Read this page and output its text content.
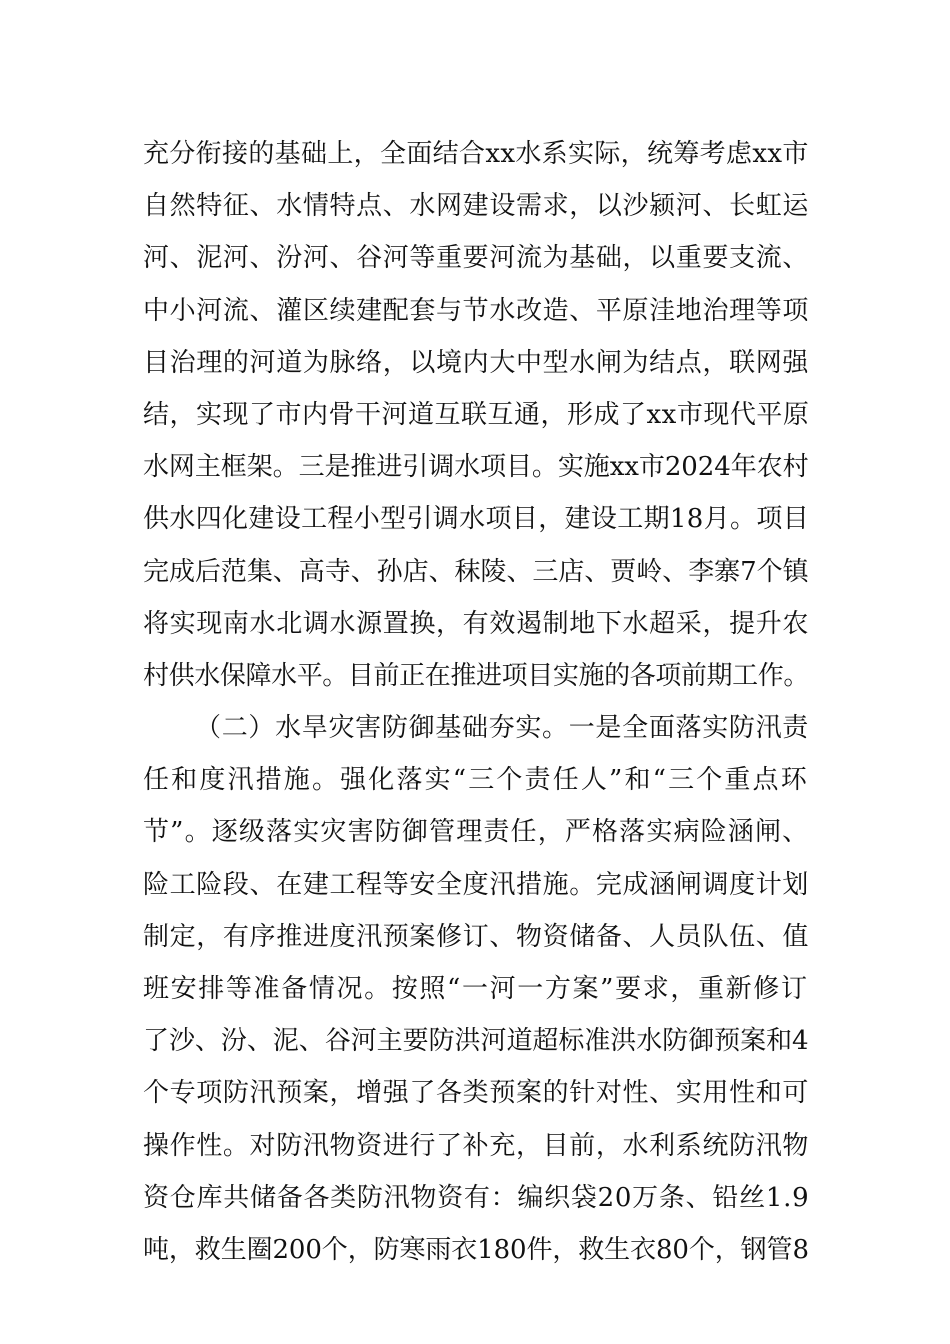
充分衔接的基础上，全面结合xx水系实际，统筹考虑xx市
自然特征、水情特点、水网建设需求，以沙颍河、长虹运
河、泥河、汾河、谷河等重要河流为基础，以重要支流、
中小河流、灌区续建配套与节水改造、平原洼地治理等项
目治理的河道为脉络，以境内大中型水闸为结点，联网强
结，实现了市内骨干河道互联互通，形成了xx市现代平原
水网主框架。三是推进引调水项目。实施xx市2024年农村
供水四化建设工程小型引调水项目，建设工期18月。项目
完成后范集、高寺、孙店、秣陵、三店、贾岭、李寨7个镇
将实现南水北调水源置换，有效遏制地下水超采，提升农
村供水保障水平。目前正在推进项目实施的各项前期工作。
（二）水旱灾害防御基础夯实。一是全面落实防汛责
任和度汛措施。强化落实“三个责任人”和“三个重点环
节”。逐级落实灾害防御管理责任，严格落实病险涵闸、
险工险段、在建工程等安全度汛措施。完成涵闸调度计划
制定，有序推进度汛预案修订、物资储备、人员队伍、值
班安排等准备情况。按照“一河一方案”要求，重新修订
了沙、汾、泥、谷河主要防洪河道超标准洪水防御预案和4
个专项防汛预案，增强了各类预案的针对性、实用性和可
操作性。对防汛物资进行了补充，目前，水利系统防汛物
资仓库共储备各类防汛物资有：编织袋20万条、铅丝1.9
吨，救生圈200个，防寒雨衣180件，救生衣80个，钢管8
